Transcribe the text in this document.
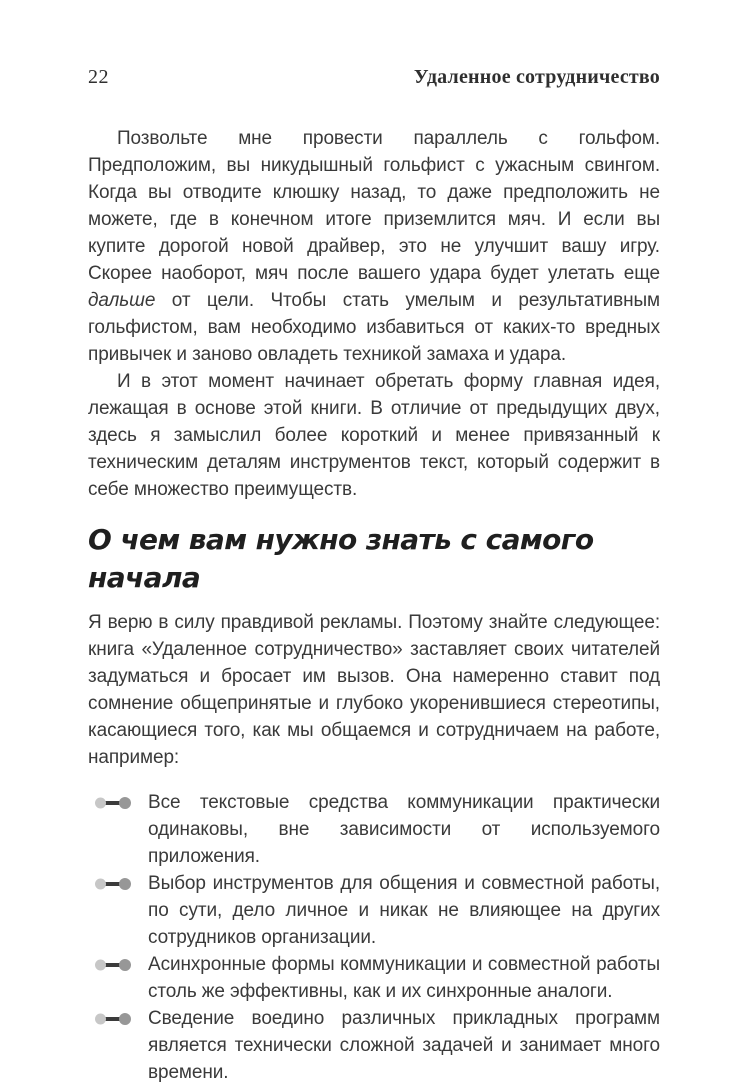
22	Удаленное сотрудничество

Позвольте мне провести параллель с гольфом. Предположим, вы никудышный гольфист с ужасным свингом. Когда вы отводите клюшку назад, то даже предположить не можете, где в конечном итоге приземлится мяч. И если вы купите дорогой новой драйвер, это не улучшит вашу игру. Скорее наоборот, мяч после вашего удара будет улетать еще дальше от цели. Чтобы стать умелым и результативным гольфистом, вам необходимо избавиться от каких-то вредных привычек и заново овладеть техникой замаха и удара.

И в этот момент начинает обретать форму главная идея, лежащая в основе этой книги. В отличие от предыдущих двух, здесь я замыслил более короткий и менее привязанный к техническим деталям инструментов текст, который содержит в себе множество преимуществ.

О чем вам нужно знать с самого начала

Я верю в силу правдивой рекламы. Поэтому знайте следующее: книга «Удаленное сотрудничество» заставляет своих читателей задуматься и бросает им вызов. Она намеренно ставит под сомнение общепринятые и глубоко укоренившиеся стереотипы, касающиеся того, как мы общаемся и сотрудничаем на работе, например:

Все текстовые средства коммуникации практически одинаковы, вне зависимости от используемого приложения.
Выбор инструментов для общения и совместной работы, по сути, дело личное и никак не влияющее на других сотрудников организации.
Асинхронные формы коммуникации и совместной работы столь же эффективны, как и их синхронные аналоги.
Сведение воедино различных прикладных программ является технически сложной задачей и занимает много времени.
